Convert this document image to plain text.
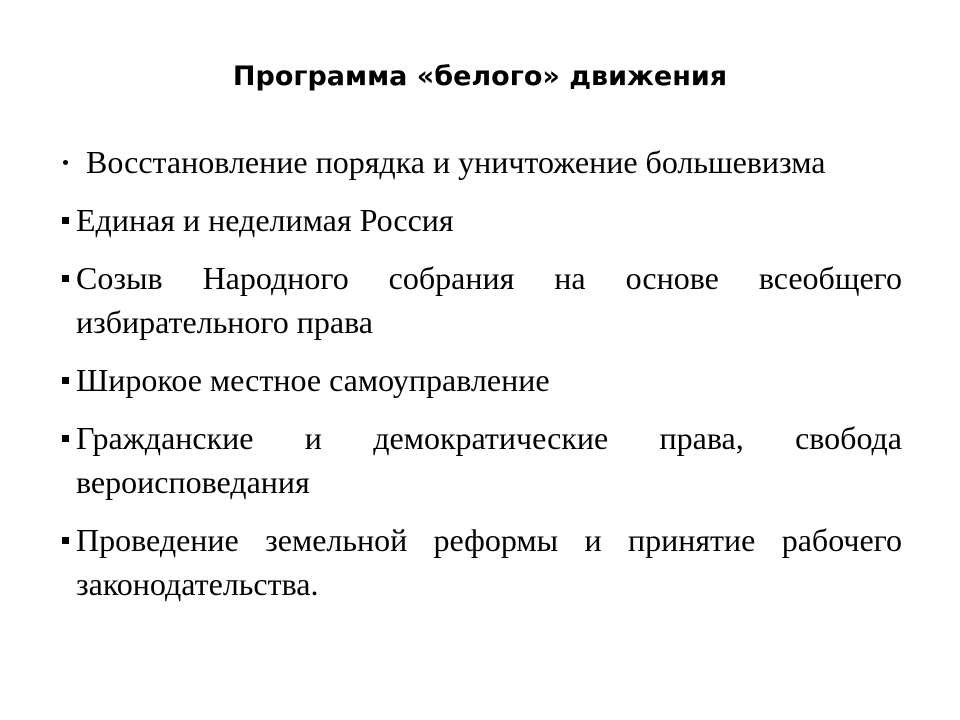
Программа «белого» движения
Восстановление порядка и уничтожение большевизма
Единая и неделимая Россия
Созыв Народного собрания на основе всеобщего избирательного права
Широкое местное самоуправление
Гражданские и демократические права, свобода вероисповедания
Проведение земельной реформы и принятие рабочего законодательства.
